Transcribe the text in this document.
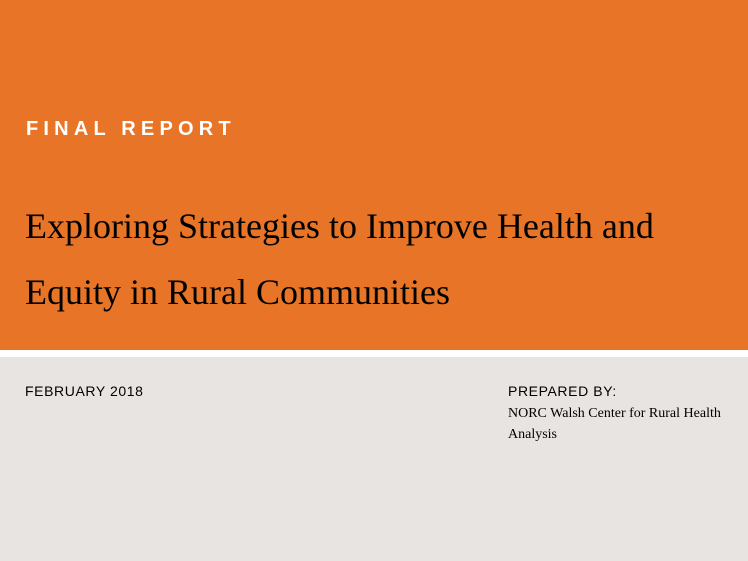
FINAL REPORT
Exploring Strategies to Improve Health and
Equity in Rural Communities
FEBRUARY 2018	PREPARED BY:
NORC Walsh Center for Rural Health Analysis
